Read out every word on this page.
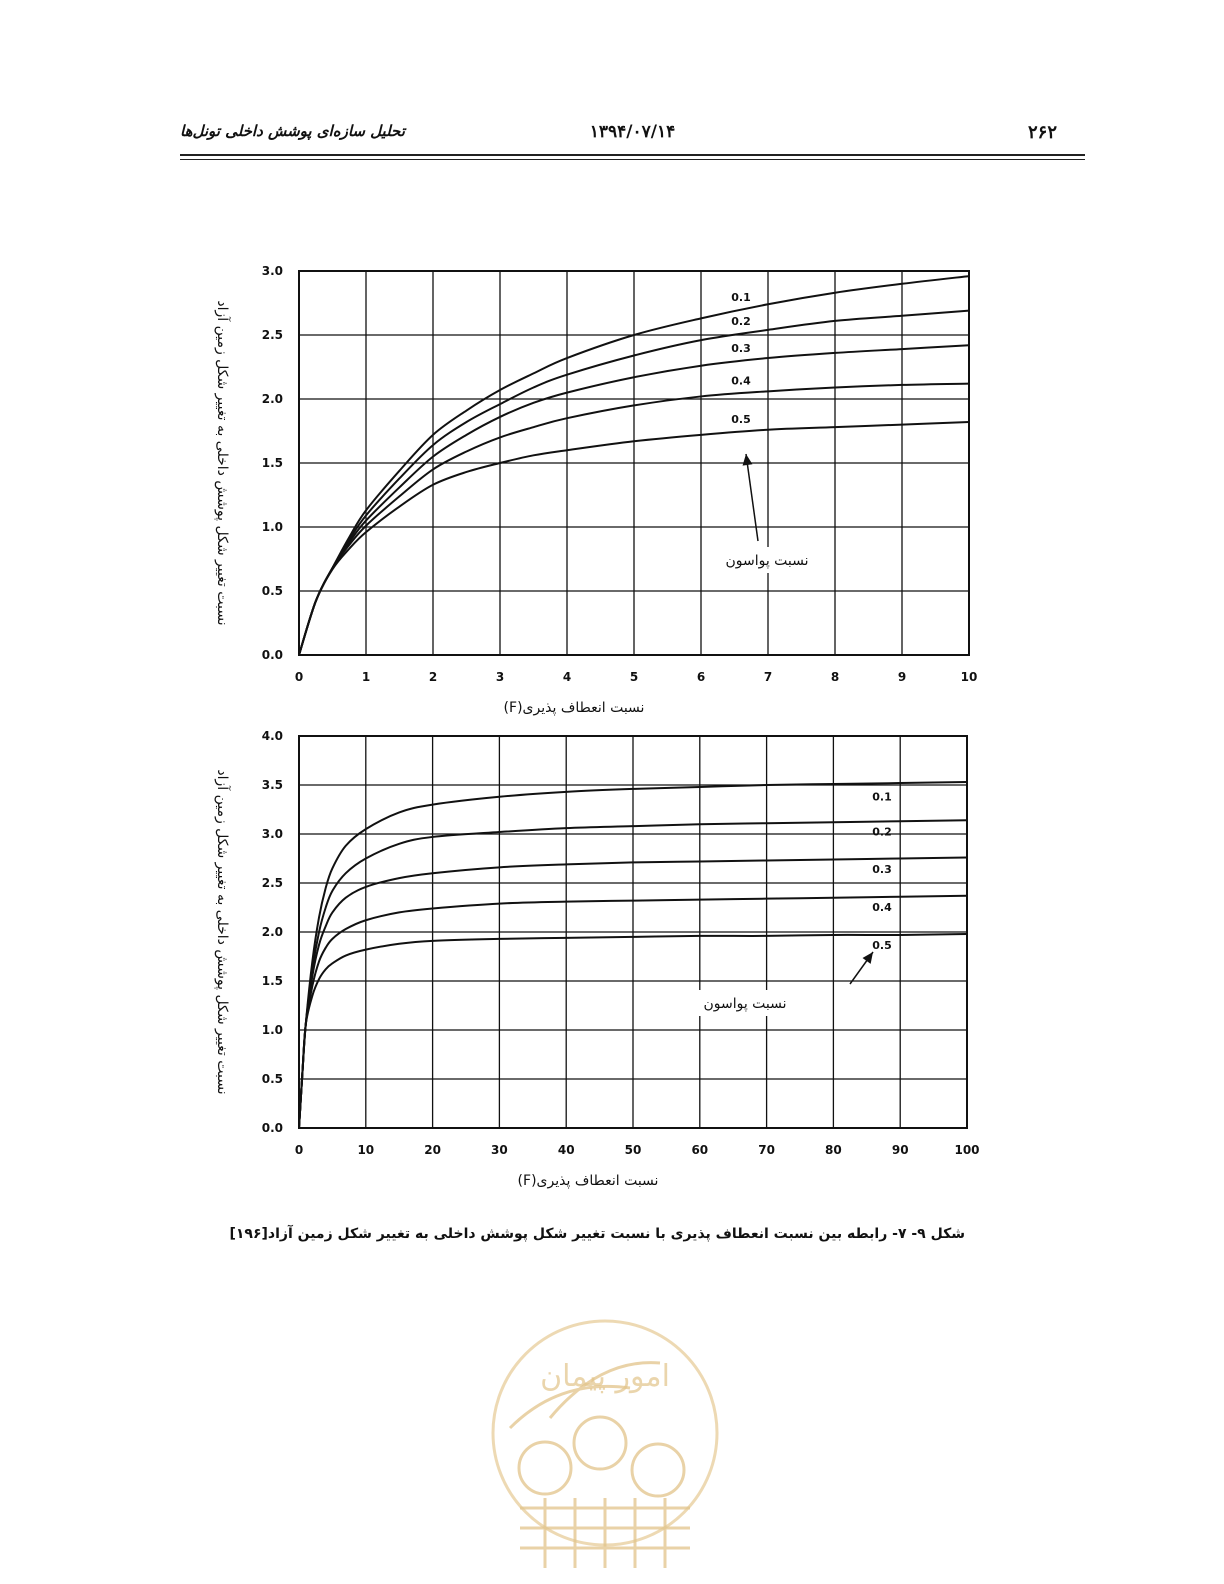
تحلیل سازه‌ای پوشش داخلی تونل‌ها	۱۳۹۴/۰۷/۱۴	۲۶۲
0	1	2	3	4	5	6	7	8	9	10
0.0
0.5
1.0
1.5
2.0
2.5
3.0
0.1
0.2
0.3
0.4
0.5
نسبت انعطاف پذیری(F)
نسبت تغییر شکل پوشش داخلی به تغییر شکل زمین آزاد	نسبت پواسون
0	10	20	30	40	50	60	70	80	90	100
0.0
0.5
1.0
1.5
2.0
2.5
3.0
3.5
4.0
0.1
0.2
0.3
0.4
0.5
نسبت انعطاف پذیری(F)
نسبت تغییر شکل پوشش داخلی به تغییر شکل زمین آزاد	نسبت پواسون
شکل ۹- ۷- رابطه بین نسبت انعطاف پذیری با نسبت تغییر شکل پوشش داخلی به تغییر شکل زمین آزاد[۱۹۶]
امور پیمان
